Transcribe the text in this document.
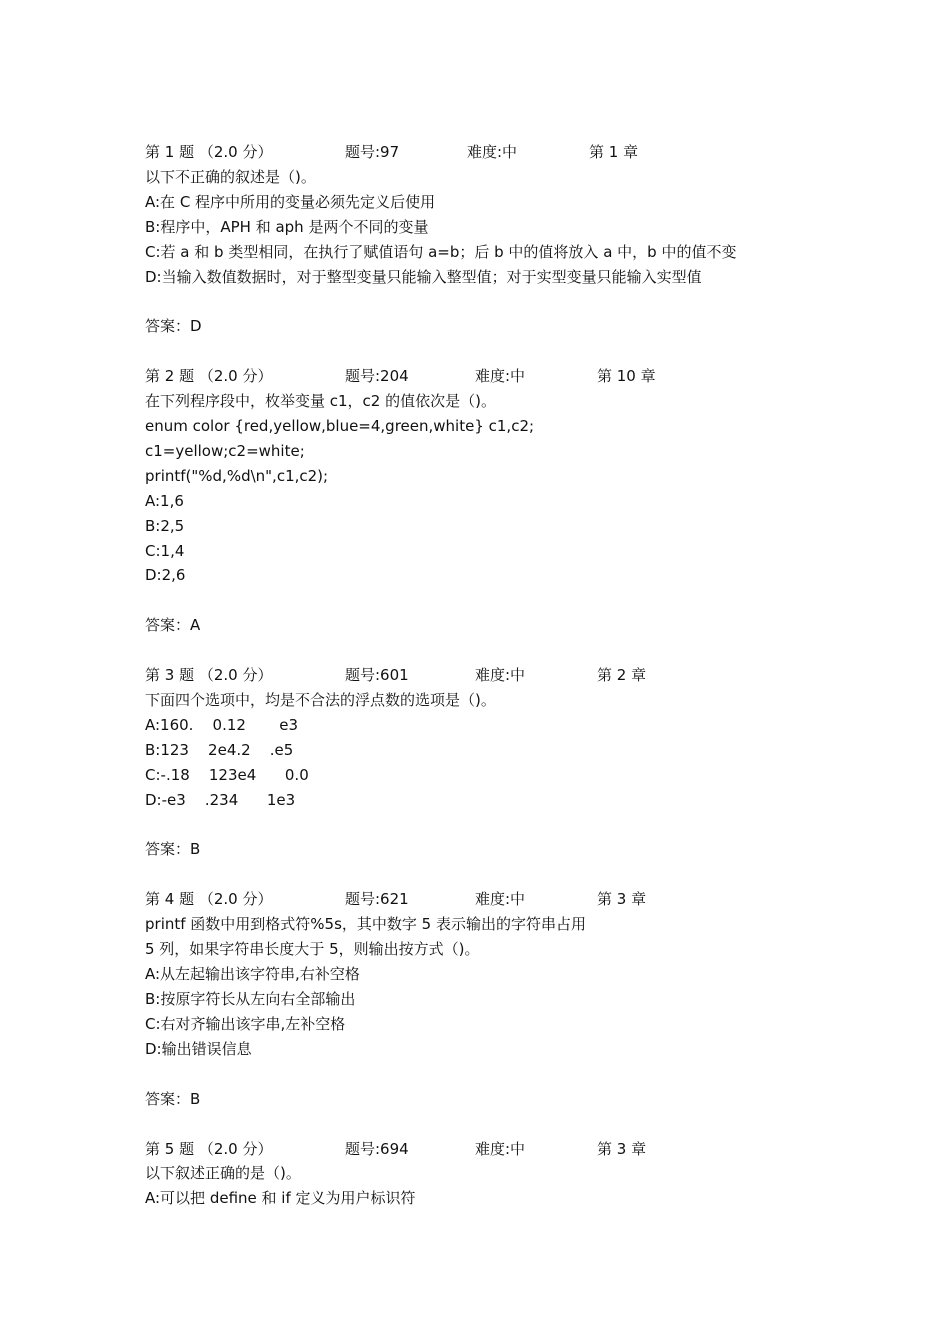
第 1 题 （2.0 分）	题号:97	难度:中	第 1 章

以下不正确的叙述是（)。

A:在 C 程序中所用的变量必须先定义后使用

B:程序中，APH 和 aph 是两个不同的变量

C:若 a 和 b 类型相同，在执行了赋值语句 a=b；后 b 中的值将放入 a 中，b 中的值不变

D:当输入数值数据时，对于整型变量只能输入整型值；对于实型变量只能输入实型值

答案：D

第 2 题 （2.0 分）	题号:204	难度:中	第 10 章

在下列程序段中，枚举变量 c1，c2 的值依次是（)。

enum color {red,yellow,blue=4,green,white} c1,c2;

c1=yellow;c2=white;

printf("%d,%d\n",c1,c2);

A:1,6

B:2,5

C:1,4

D:2,6

答案：A

第 3 题 （2.0 分）	题号:601	难度:中	第 2 章

下面四个选项中，均是不合法的浮点数的选项是（)。

A:160.    0.12       e3

B:123    2e4.2    .e5

C:-.18    123e4      0.0

D:-e3    .234      1e3

答案：B

第 4 题 （2.0 分）	题号:621	难度:中	第 3 章

printf 函数中用到格式符%5s，其中数字 5 表示输出的字符串占用

5 列，如果字符串长度大于 5，则输出按方式（)。

A:从左起输出该字符串,右补空格

B:按原字符长从左向右全部输出

C:右对齐输出该字串,左补空格

D:输出错误信息

答案：B

第 5 题 （2.0 分）	题号:694	难度:中	第 3 章

以下叙述正确的是（)。

A:可以把 define 和 if 定义为用户标识符
